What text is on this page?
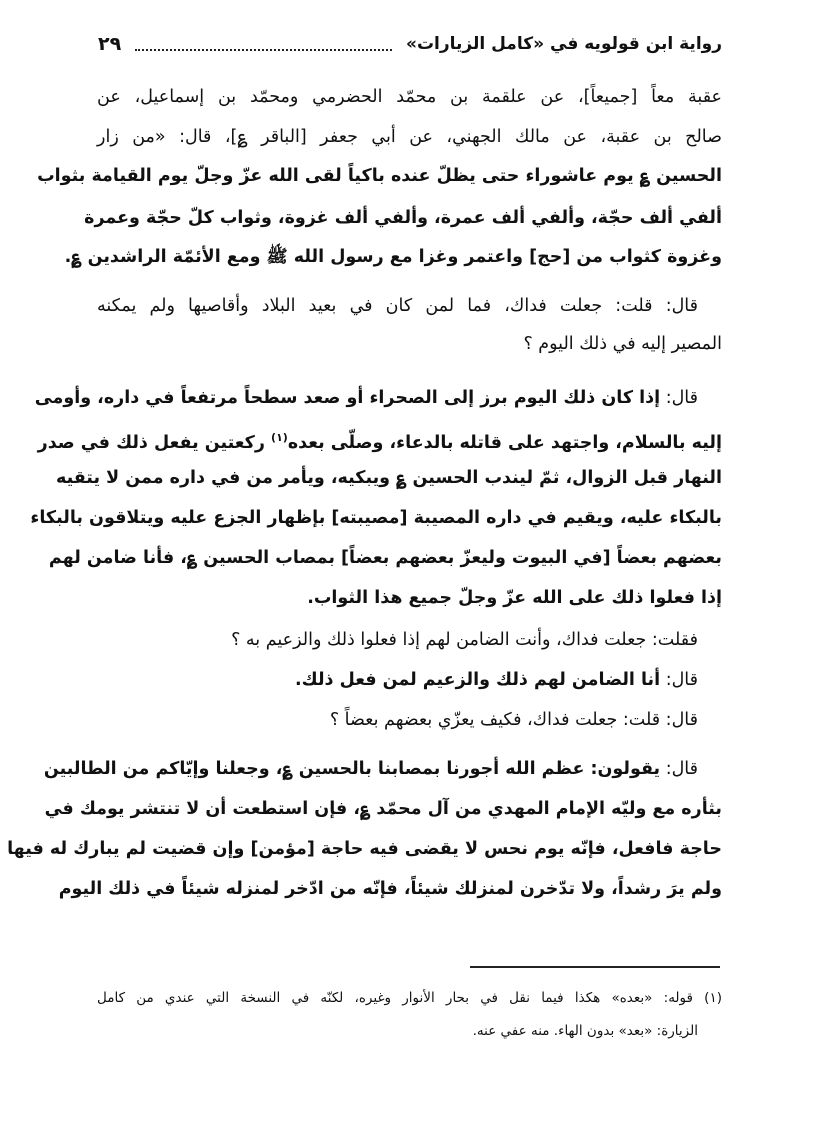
رواية ابن قولويه في «كامل الزيارات»
٢٩
عقبة معاً [جميعاً]، عن علقمة بن محمّد الحضرمي ومحمّد بن إسماعيل، عن
صالح بن عقبة، عن مالك الجهني، عن أبي جعفر [الباقر ؏]، قال: «من زار
الحسين ؏ يوم عاشوراء حتى يظلّ عنده باكياً لقى الله عزّ وجلّ يوم القيامة بثواب
ألفي ألف حجّة، وألفي ألف عمرة، وألفي ألف غزوة، وثواب كلّ حجّة وعمرة
وغزوة كثواب من [حج] واعتمر وغزا مع رسول الله ﷺ ومع الأئمّة الراشدين ؏.
قال: قلت: جعلت فداك، فما لمن كان في بعيد البلاد وأقاصيها ولم يمكنه
المصير إليه في ذلك اليوم ؟
قال: إذا كان ذلك اليوم برز إلى الصحراء أو صعد سطحاً مرتفعاً في داره، وأومى
إليه بالسلام، واجتهد على قاتله بالدعاء، وصلّى بعده$^{(١)}$ ركعتين يفعل ذلك في صدر
النهار قبل الزوال، ثمّ ليندب الحسين ؏ ويبكيه، ويأمر من في داره ممن لا يتقيه
بالبكاء عليه، ويقيم في داره المصيبة [مصيبته] بإظهار الجزع عليه ويتلاقون بالبكاء
بعضهم بعضاً [في البيوت وليعزّ بعضهم بعضاً] بمصاب الحسين ؏، فأنا ضامن لهم
إذا فعلوا ذلك على الله عزّ وجلّ جميع هذا الثواب.
فقلت: جعلت فداك، وأنت الضامن لهم إذا فعلوا ذلك والزعيم به ؟
قال: أنا الضامن لهم ذلك والزعيم لمن فعل ذلك.
قال: قلت: جعلت فداك، فكيف يعزّي بعضهم بعضاً ؟
قال: يقولون: عظم الله أجورنا بمصابنا بالحسين ؏، وجعلنا وإيّاكم من الطالبين
بثأره مع وليّه الإمام المهدي من آل محمّد ؏، فإن استطعت أن لا تنتشر يومك في
حاجة فافعل، فإنّه يوم نحس لا يقضى فيه حاجة [مؤمن] وإن قضيت لم يبارك له فيها
ولم يرَ رشداً، ولا تدّخرن لمنزلك شيئاً، فإنّه من ادّخر لمنزله شيئاً في ذلك اليوم
(١) قوله: «بعده» هكذا فيما نقل في بحار الأنوار وغيره، لكنّه في النسخة التي عندي من كامل
الزيارة: «بعد» بدون الهاء. منه عفي عنه.
